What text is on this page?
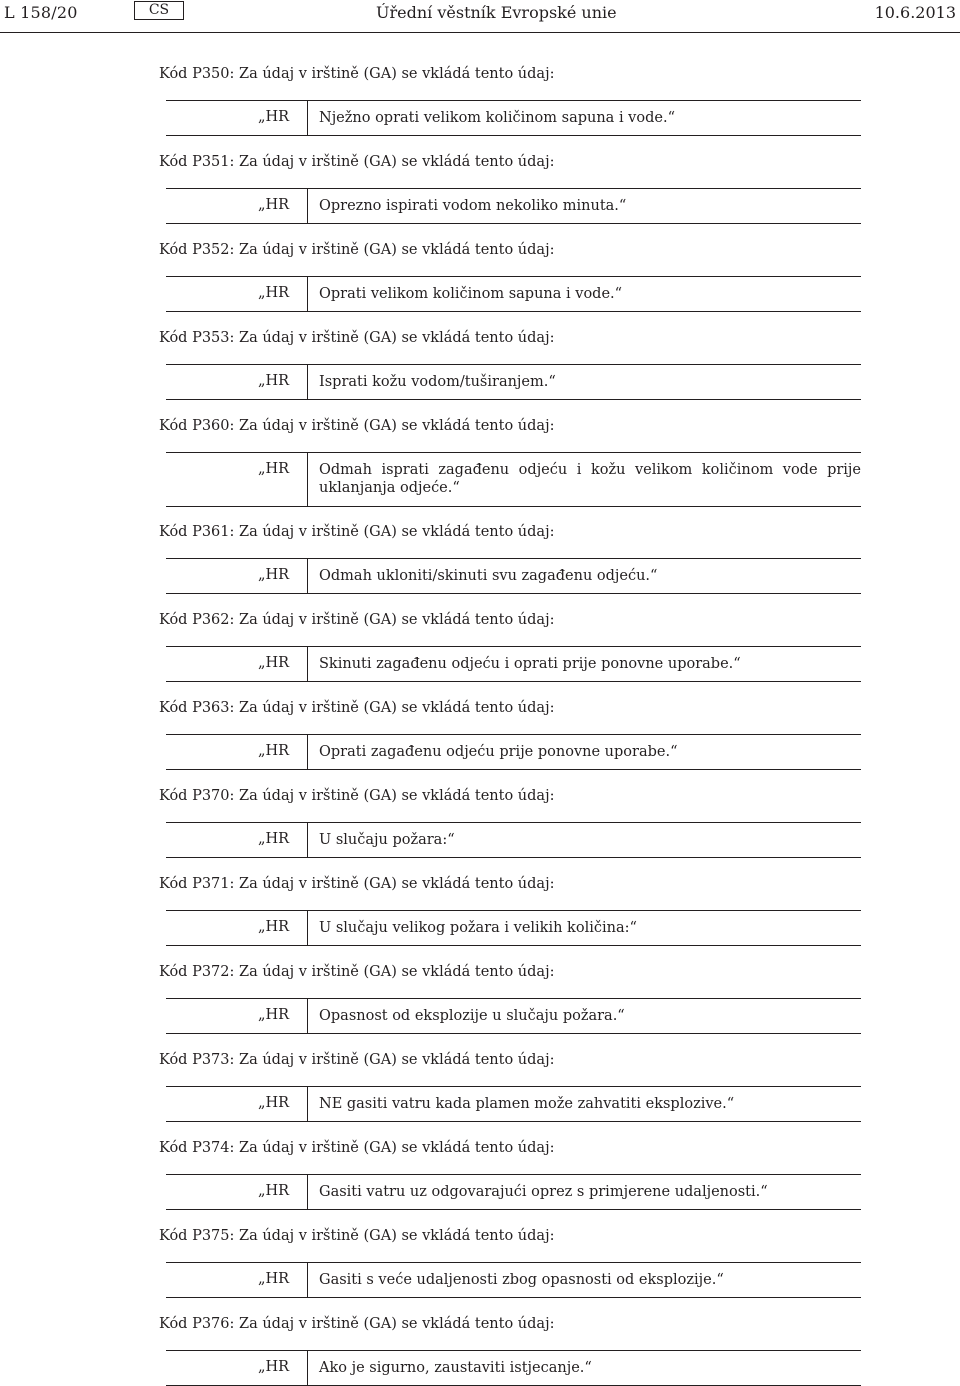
L 158/20	CS	Úřední věstník Evropské unie	10.6.2013
Kód P350: Za údaj v irštině (GA) se vkládá tento údaj:
„HR Nježno oprati velikom količinom sapuna i vode.“
Kód P351: Za údaj v irštině (GA) se vkládá tento údaj:
„HR Oprezno ispirati vodom nekoliko minuta.“
Kód P352: Za údaj v irštině (GA) se vkládá tento údaj:
„HR Oprati velikom količinom sapuna i vode.“
Kód P353: Za údaj v irštině (GA) se vkládá tento údaj:
„HR Isprati kožu vodom/tuširanjem.“
Kód P360: Za údaj v irštině (GA) se vkládá tento údaj:
„HR Odmah isprati zagađenu odjeću i kožu velikom količinom vode prije uklanjanja odjeće.“
Kód P361: Za údaj v irštině (GA) se vkládá tento údaj:
„HR Odmah ukloniti/skinuti svu zagađenu odjeću.“
Kód P362: Za údaj v irštině (GA) se vkládá tento údaj:
„HR Skinuti zagađenu odjeću i oprati prije ponovne uporabe.“
Kód P363: Za údaj v irštině (GA) se vkládá tento údaj:
„HR Oprati zagađenu odjeću prije ponovne uporabe.“
Kód P370: Za údaj v irštině (GA) se vkládá tento údaj:
„HR U slučaju požara:“
Kód P371: Za údaj v irštině (GA) se vkládá tento údaj:
„HR U slučaju velikog požara i velikih količina:“
Kód P372: Za údaj v irštině (GA) se vkládá tento údaj:
„HR Opasnost od eksplozije u slučaju požara.“
Kód P373: Za údaj v irštině (GA) se vkládá tento údaj:
„HR NE gasiti vatru kada plamen može zahvatiti eksplozive.“
Kód P374: Za údaj v irštině (GA) se vkládá tento údaj:
„HR Gasiti vatru uz odgovarajući oprez s primjerene udaljenosti.“
Kód P375: Za údaj v irštině (GA) se vkládá tento údaj:
„HR Gasiti s veće udaljenosti zbog opasnosti od eksplozije.“
Kód P376: Za údaj v irštině (GA) se vkládá tento údaj:
„HR Ako je sigurno, zaustaviti istjecanje.“
